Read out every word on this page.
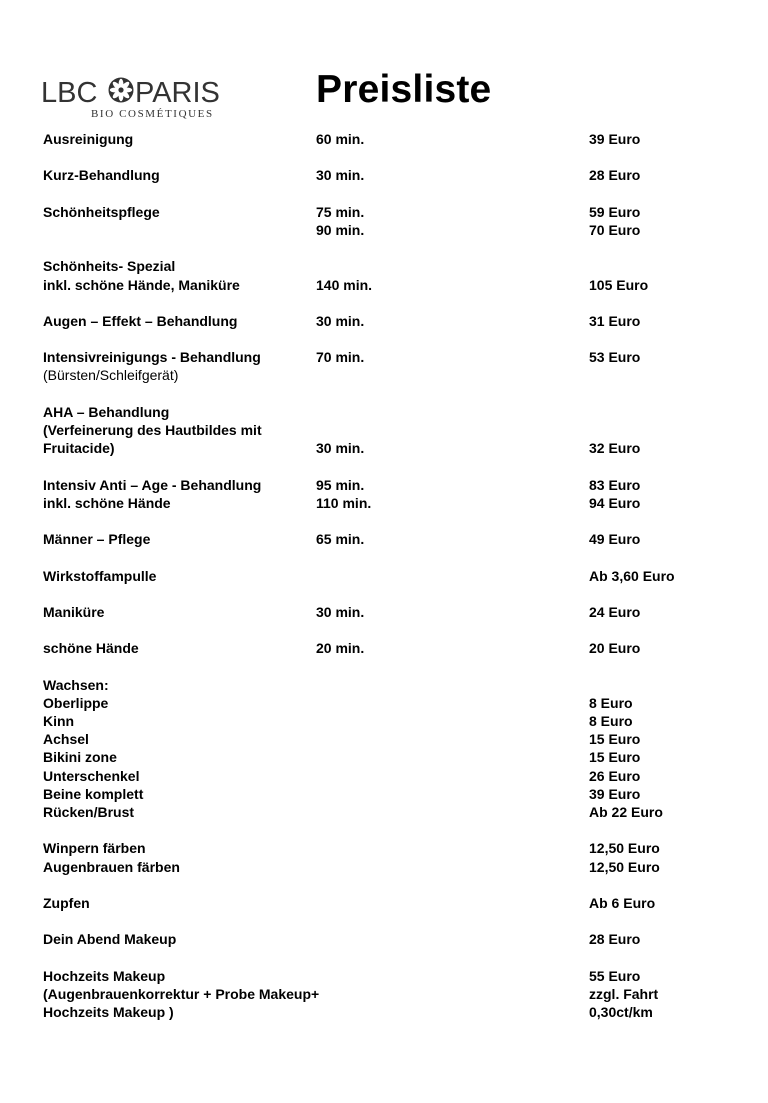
LBC PARIS
BIO COSMÉTIQUES
Preisliste
Ausreinigung	60 min.	39 Euro
Kurz-Behandlung	30 min.	28 Euro
Schönheitspflege	75 min.	59 Euro
90 min.	70 Euro
Schönheits- Spezial
inkl. schöne Hände, Maniküre	140 min.	105 Euro
Augen – Effekt – Behandlung	30 min.	31 Euro
Intensivreinigungs - Behandlung	70 min.	53 Euro
(Bürsten/Schleifgerät)
AHA – Behandlung
(Verfeinerung des Hautbildes mit
Fruitacide)	30 min.	32 Euro
Intensiv Anti – Age - Behandlung	95 min.	83 Euro
inkl. schöne Hände	110 min.	94 Euro
Männer – Pflege	65 min.	49 Euro
Wirkstoffampulle	Ab 3,60 Euro
Maniküre	30 min.	24 Euro
schöne Hände	20 min.	20 Euro
Wachsen:
Oberlippe	8 Euro
Kinn	8 Euro
Achsel	15 Euro
Bikini zone	15 Euro
Unterschenkel	26 Euro
Beine komplett	39 Euro
Rücken/Brust	Ab 22 Euro
Winpern färben	12,50 Euro
Augenbrauen färben	12,50 Euro
Zupfen	Ab 6 Euro
Dein Abend Makeup	28 Euro
Hochzeits Makeup	55 Euro
(Augenbrauenkorrektur + Probe Makeup+	zzgl. Fahrt
Hochzeits Makeup )	0,30ct/km
